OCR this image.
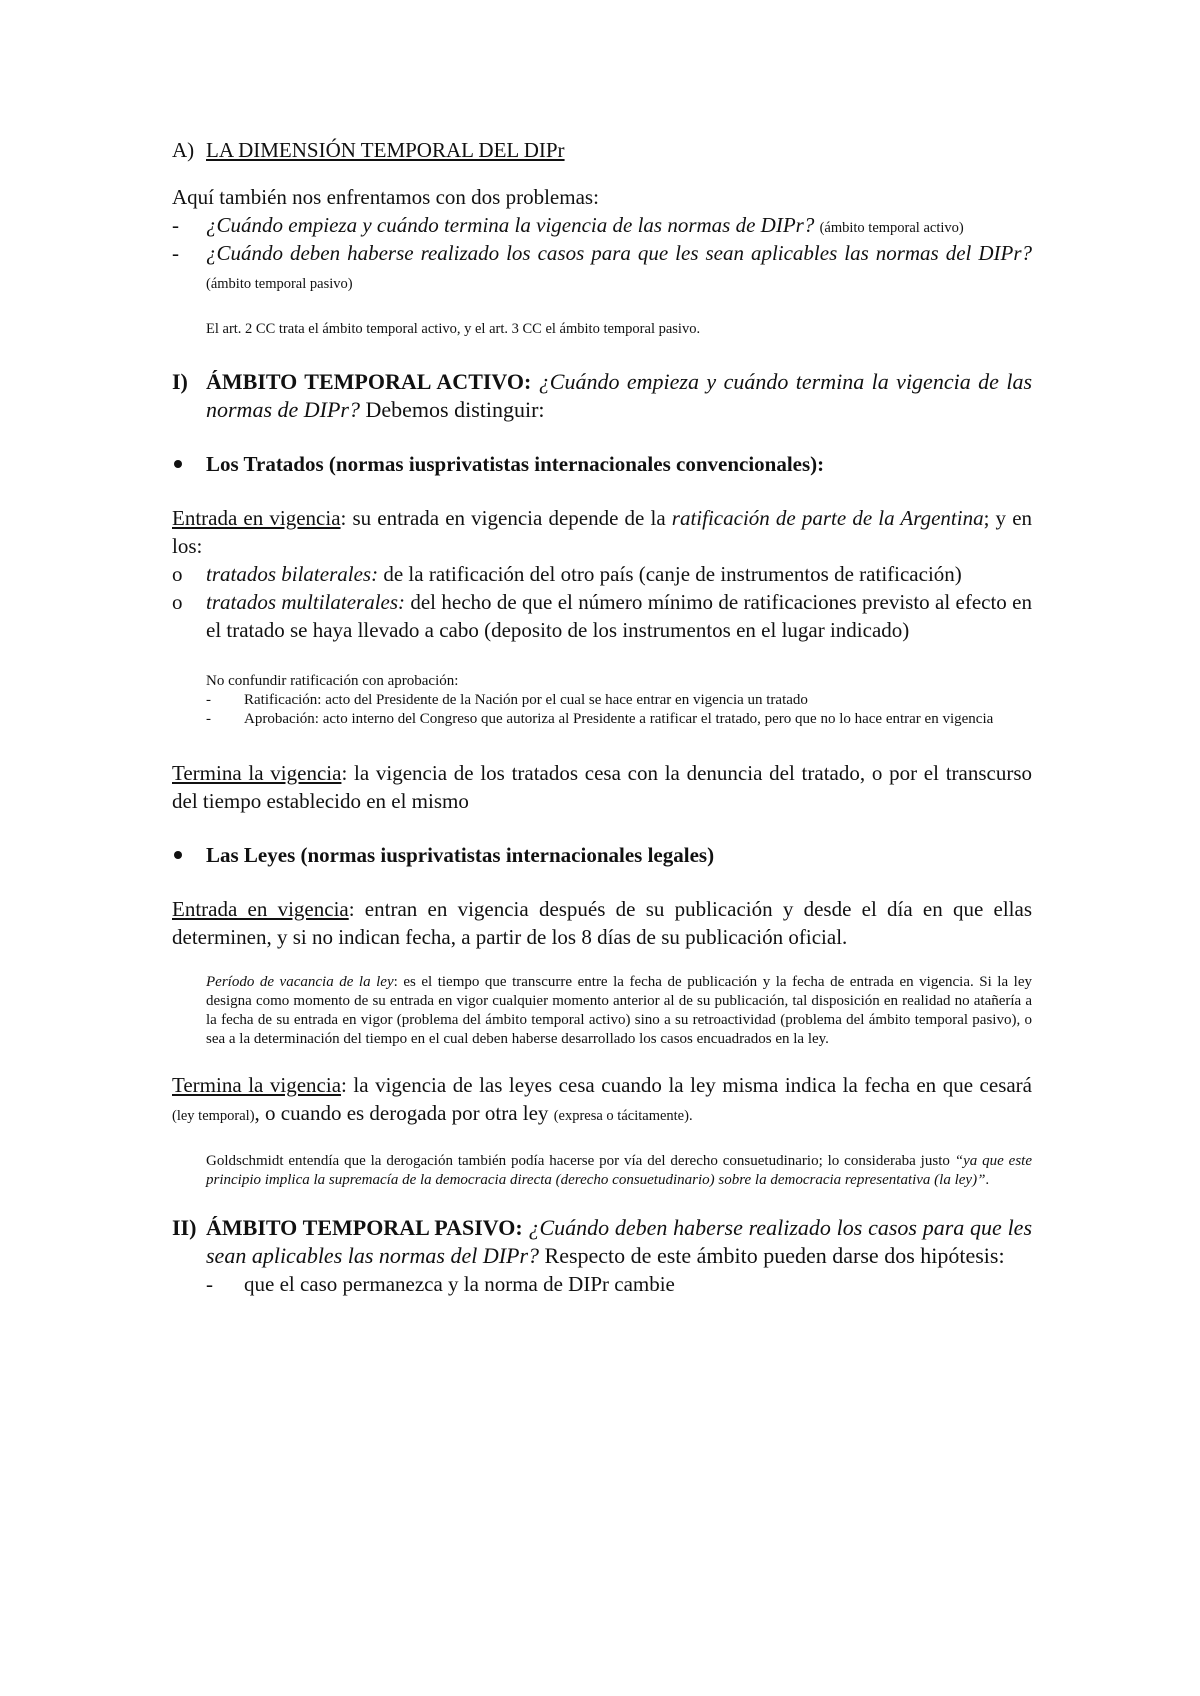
A) LA DIMENSIÓN TEMPORAL DEL DIPr

Aquí también nos enfrentamos con dos problemas:

- ¿Cuándo empieza y cuándo termina la vigencia de las normas de DIPr? (ámbito temporal activo)
- ¿Cuándo deben haberse realizado los casos para que les sean aplicables las normas del DIPr? (ámbito temporal pasivo)

El art. 2 CC trata el ámbito temporal activo, y el art. 3 CC el ámbito temporal pasivo.

I) ÁMBITO TEMPORAL ACTIVO: ¿Cuándo empieza y cuándo termina la vigencia de las normas de DIPr? Debemos distinguir:
Los Tratados (normas iusprivatistas internacionales convencionales):

Entrada en vigencia: su entrada en vigencia depende de la ratificación de parte de la Argentina; y en los:

o tratados bilaterales: de la ratificación del otro país (canje de instrumentos de ratificación)
o tratados multilaterales: del hecho de que el número mínimo de ratificaciones previsto al efecto en el tratado se haya llevado a cabo (deposito de los instrumentos en el lugar indicado)
No confundir ratificación con aprobación:
- Ratificación: acto del Presidente de la Nación por el cual se hace entrar en vigencia un tratado
- Aprobación: acto interno del Congreso que autoriza al Presidente a ratificar el tratado, pero que no lo hace entrar en vigencia

Termina la vigencia: la vigencia de los tratados cesa con la denuncia del tratado, o por el transcurso del tiempo establecido en el mismo

Las Leyes (normas iusprivatistas internacionales legales)

Entrada en vigencia: entran en vigencia después de su publicación y desde el día en que ellas determinen, y si no indican fecha, a partir de los 8 días de su publicación oficial.

Período de vacancia de la ley: es el tiempo que transcurre entre la fecha de publicación y la fecha de entrada en vigencia. Si la ley designa como momento de su entrada en vigor cualquier momento anterior al de su publicación, tal disposición en realidad no atañería a la fecha de su entrada en vigor (problema del ámbito temporal activo) sino a su retroactividad (problema del ámbito temporal pasivo), o sea a la determinación del tiempo en el cual deben haberse desarrollado los casos encuadrados en la ley.

Termina la vigencia: la vigencia de las leyes cesa cuando la ley misma indica la fecha en que cesará (ley temporal), o cuando es derogada por otra ley (expresa o tácitamente).

Goldschmidt entendía que la derogación también podía hacerse por vía del derecho consuetudinario; lo consideraba justo “ya que este principio implica la supremacía de la democracia directa (derecho consuetudinario) sobre la democracia representativa (la ley)”.
II) ÁMBITO TEMPORAL PASIVO: ¿Cuándo deben haberse realizado los casos para que les sean aplicables las normas del DIPr? Respecto de este ámbito pueden darse dos hipótesis:
- que el caso permanezca y la norma de DIPr cambie
